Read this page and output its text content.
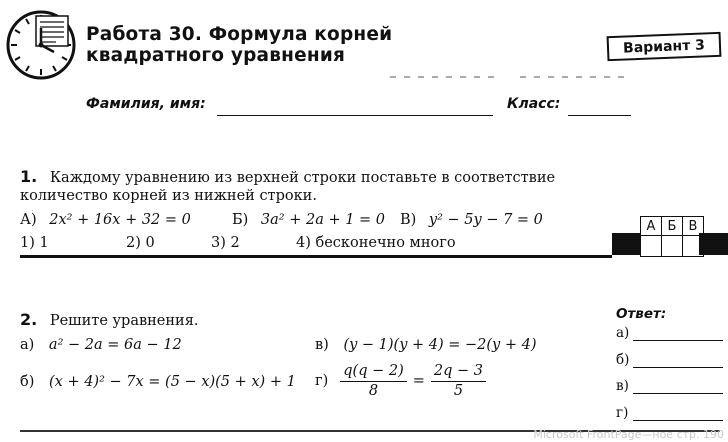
Работа 30. Формула корней
квадратного уравнения	Вариант 3
Фамилия, имя:	Класс:
1. Каждому уравнению из верхней строки поставьте в соответствие
количество корней из нижней строки.
А) 2x² + 16x + 32 = 0	Б) 3a² + 2a + 1 = 0 В) y² − 5y − 7 = 0
1) 1	2) 0	3) 2	4) бесконечно много
А	Б	В

2. Решите уравнения.
а) a² − 2a = 6a − 12
б) (x + 4)² − 7x = (5 − x)(5 + x) + 1
в) (y − 1)(y + 4) = −2(y + 4)
$г) \frac{q(q - 2)}{8} = \frac{2q - 3}{5}$
Ответ:
а)
б)
в)
г)
Microsoft FrontPage—ное стр. 190
